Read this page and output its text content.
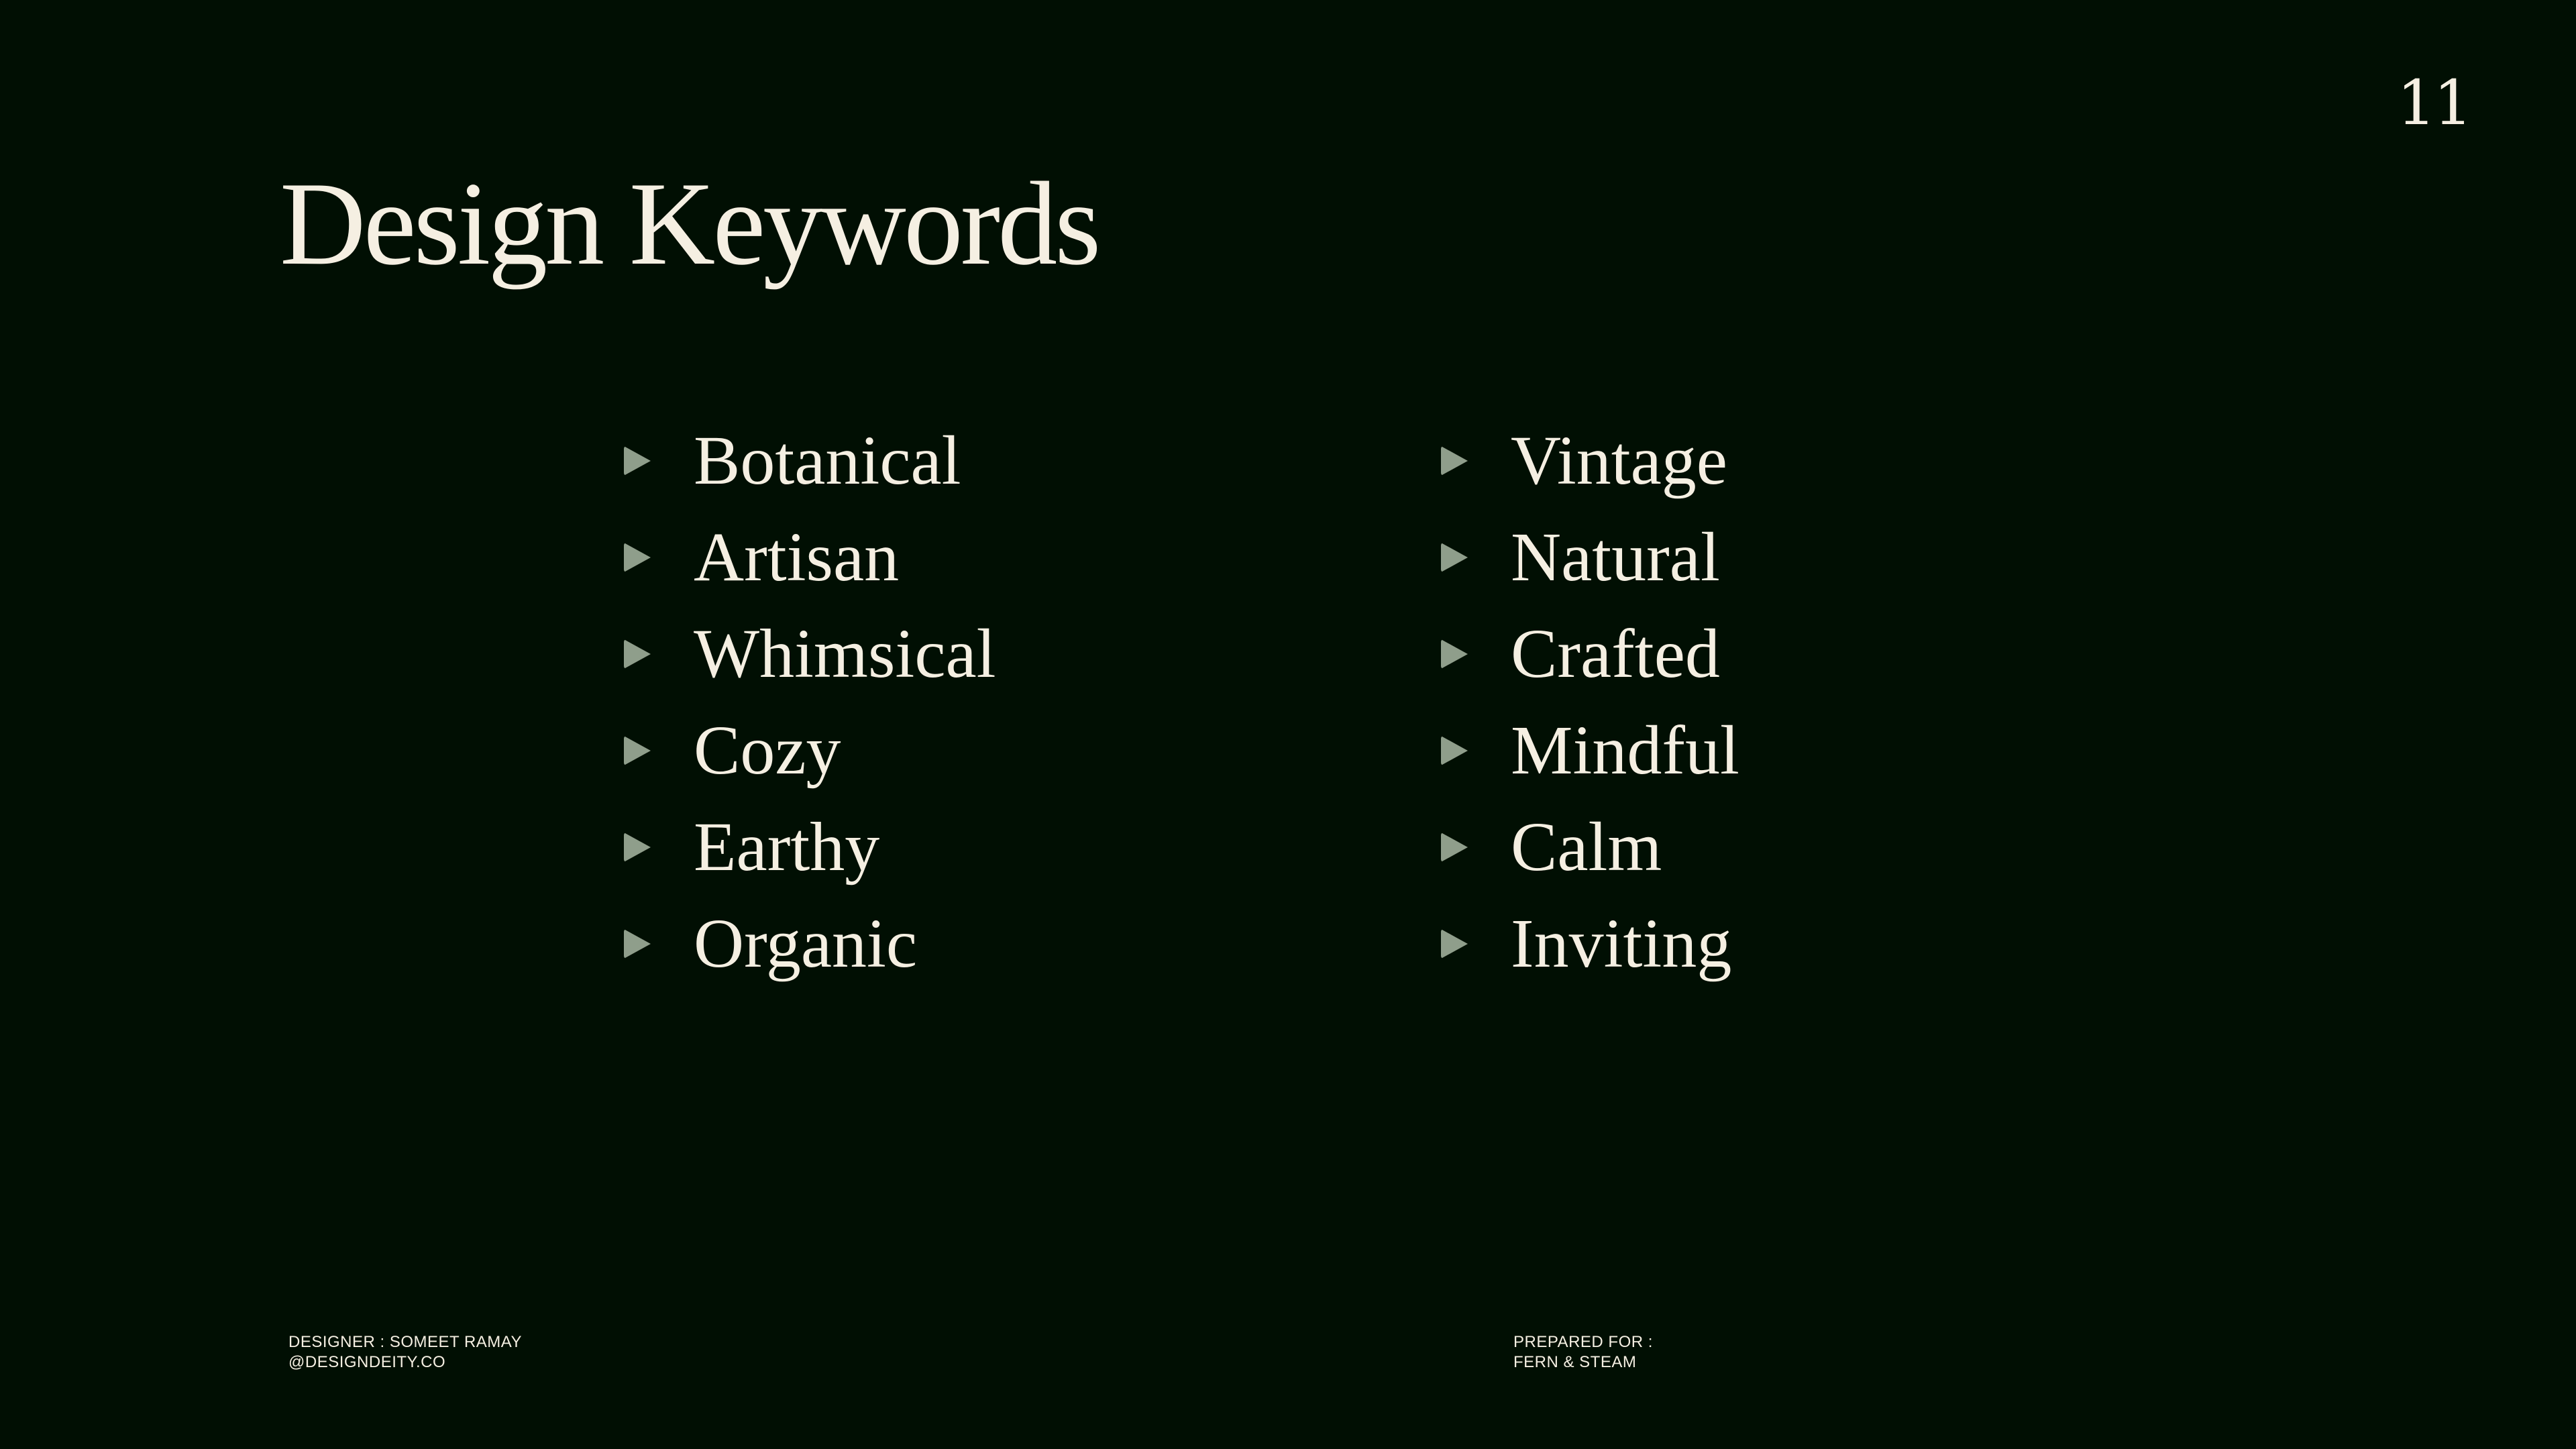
11
Design Keywords
Botanical
Artisan
Whimsical
Cozy
Earthy
Organic
Vintage
Natural
Crafted
Mindful
Calm
Inviting
DESIGNER : SOMEET RAMAY
@DESIGNDEITY.CO
PREPARED FOR :
FERN & STEAM
